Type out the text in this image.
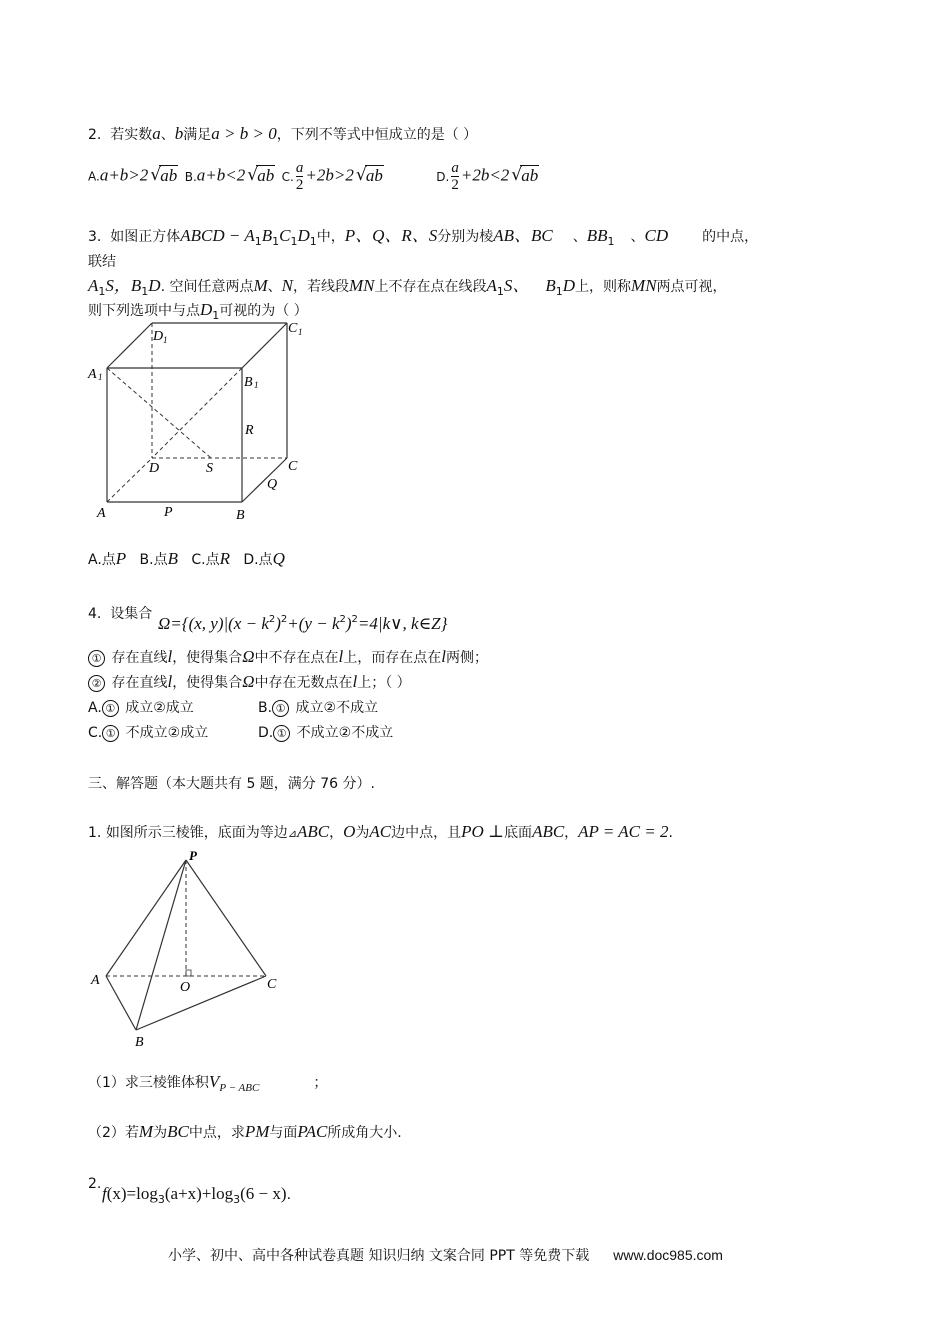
2. 若实数a、b满足a > b > 0，下列不等式中恒成立的是（ ）
A.a+b>2√ ab B.a+b<2√ ab C. $\frac{a}{2} +2b>2√$ ab	D. $\frac{a}{2} +2b<2√$ ab
3. 如图正方体ABCD − $A_1B_1C_1D_1$中，P、Q、R、S分别为棱AB、BC 、$BB_1$ 、CD 的中点，
联结
$A_1S$，$B_1D$. 空间任意两点M、N，若线段MN上不存在点在线段$A_1S$、 $B_1D$上，则称MN两点可视，
则下列选项中与点$D_1$可视的为（ ）
D 1
C 1
A 1	B 1
R
D	S	C
Q
A	P	B
A.点P B.点B C.点R D.点Q
4. 设集合 Ω={(x, $y)|(x - k^2)^2+(y$ − $k^2)^2=4|k\vee$, k∈Z}
① 存在直线l，使得集合Ω中不存在点在l上，而存在点在l两侧；
② 存在直线l，使得集合Ω中存在无数点在l上；（ ）
A. ① 成立②成立	B. ① 成立②不成立
C. ① 不成立②成立	D. ① 不成立②不成立
三、解答题（本大题共有 5 题，满分 76 分）.
1. 如图所示三棱锥，底面为等边⊿ABC，O为AC边中点，且PO ⊥底面ABC，AP = AC = 2.
P
A	O	C
B
（1）求三棱锥体积$V_{P - ABC}$	；
（2）若M为BC中点，求PM与面PAC所成角大小.
2. $f(x)=\log_3(a+x)+\log_3(6 - x)$.
小学、初中、高中各种试卷真题 知识归纳 文案合同 PPT 等免费下载 www.doc985.com
